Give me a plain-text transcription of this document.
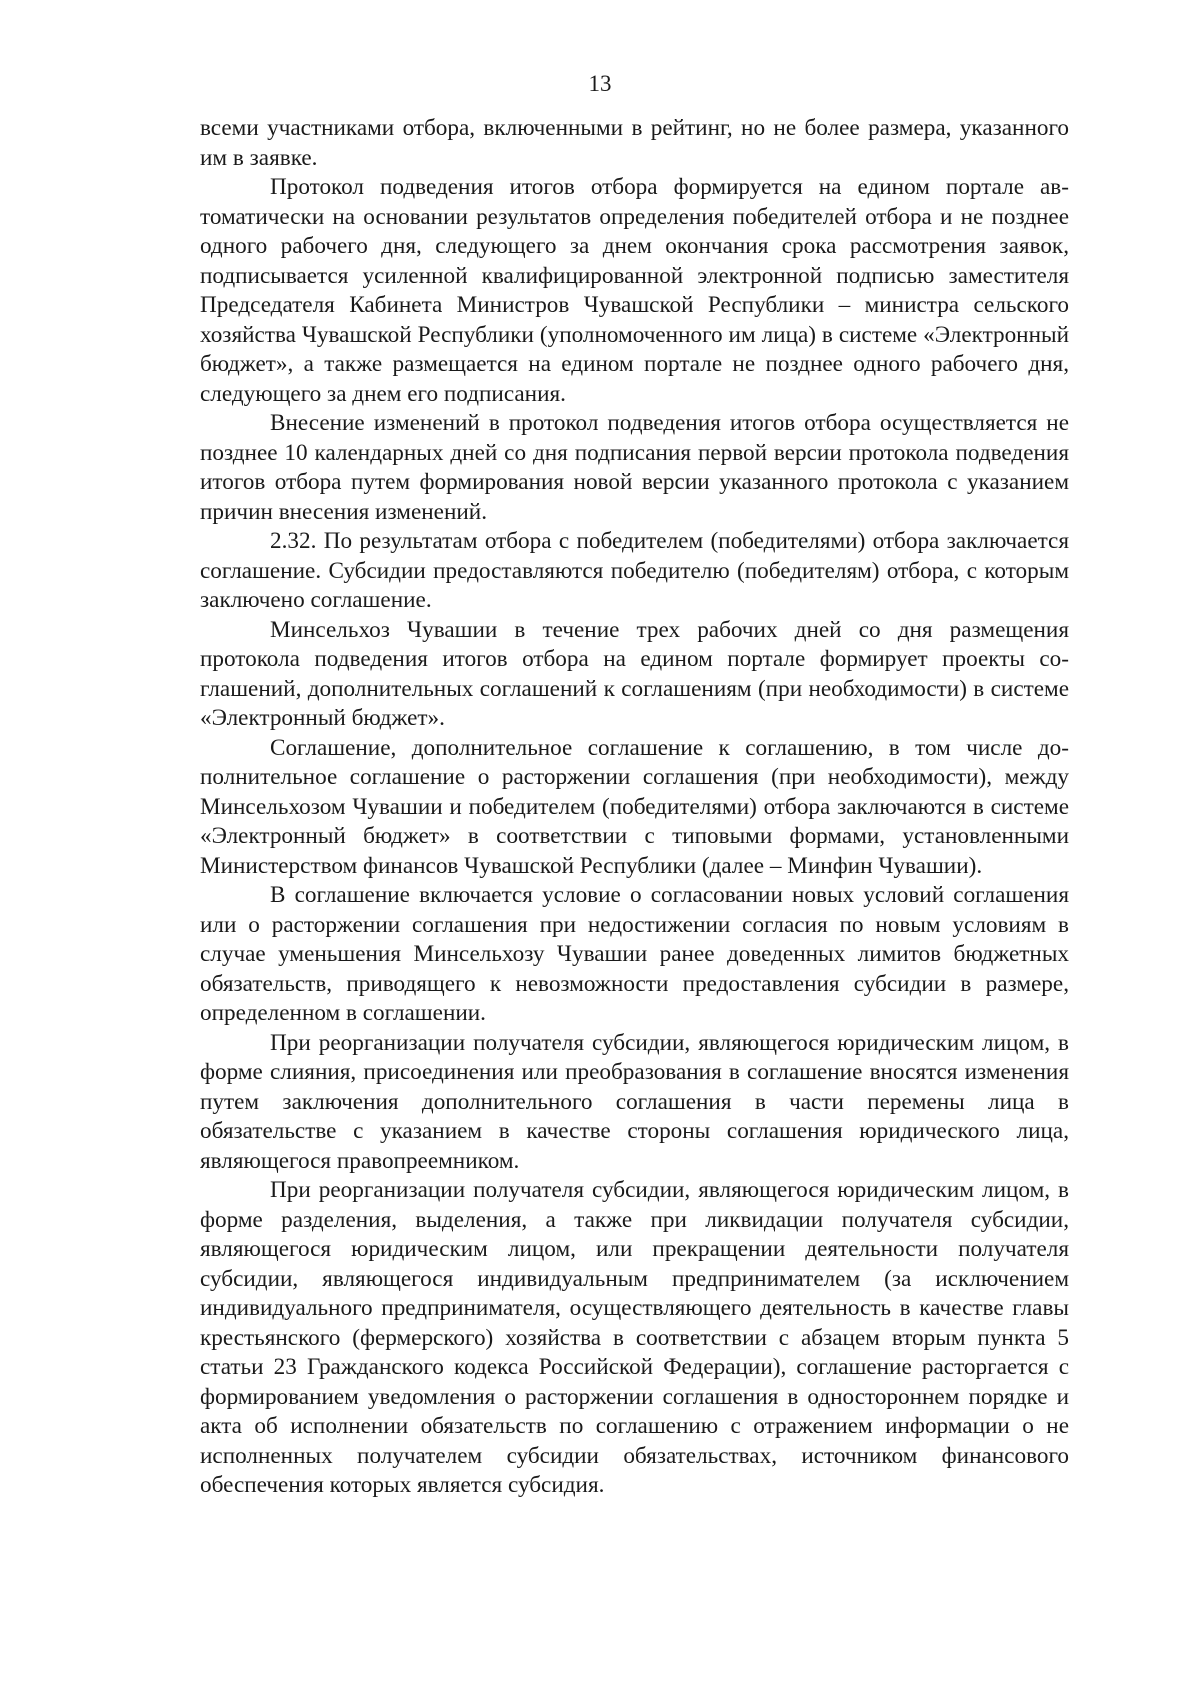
13

всеми участниками отбора, включенными в рейтинг, но не более размера, указанного им в заявке.

Протокол подведения итогов отбора формируется на едином портале автоматически на основании результатов определения победителей отбора и не позднее одного рабочего дня, следующего за днем окончания срока рассмотрения заявок, подписывается усиленной квалифицированной электронной подписью заместителя Председателя Кабинета Министров Чувашской Республики – министра сельского хозяйства Чувашской Республики (уполномоченного им лица) в системе «Электронный бюджет», а также размещается на едином портале не позднее одного рабочего дня, следующего за днем его подписания.

Внесение изменений в протокол подведения итогов отбора осуществляется не позднее 10 календарных дней со дня подписания первой версии протокола подведения итогов отбора путем формирования новой версии указанного протокола с указанием причин внесения изменений.

2.32. По результатам отбора с победителем (победителями) отбора заключается соглашение. Субсидии предоставляются победителю (победителям) отбора, с которым заключено соглашение.

Минсельхоз Чувашии в течение трех рабочих дней со дня размещения протокола подведения итогов отбора на едином портале формирует проекты соглашений, дополнительных соглашений к соглашениям (при необходимости) в системе «Электронный бюджет».

Соглашение, дополнительное соглашение к соглашению, в том числе дополнительное соглашение о расторжении соглашения (при необходимости), между Минсельхозом Чувашии и победителем (победителями) отбора заключаются в системе «Электронный бюджет» в соответствии с типовыми формами, установленными Министерством финансов Чувашской Республики (далее – Минфин Чувашии).

В соглашение включается условие о согласовании новых условий соглашения или о расторжении соглашения при недостижении согласия по новым условиям в случае уменьшения Минсельхозу Чувашии ранее доведенных лимитов бюджетных обязательств, приводящего к невозможности предоставления субсидии в размере, определенном в соглашении.

При реорганизации получателя субсидии, являющегося юридическим лицом, в форме слияния, присоединения или преобразования в соглашение вносятся изменения путем заключения дополнительного соглашения в части перемены лица в обязательстве с указанием в качестве стороны соглашения юридического лица, являющегося правопреемником.

При реорганизации получателя субсидии, являющегося юридическим лицом, в форме разделения, выделения, а также при ликвидации получателя субсидии, являющегося юридическим лицом, или прекращении деятельности получателя субсидии, являющегося индивидуальным предпринимателем (за исключением индивидуального предпринимателя, осуществляющего деятельность в качестве главы крестьянского (фермерского) хозяйства в соответствии с абзацем вторым пункта 5 статьи 23 Гражданского кодекса Российской Федерации), соглашение расторгается с формированием уведомления о расторжении соглашения в одностороннем порядке и акта об исполнении обязательств по соглашению с отражением информации о не исполненных получателем субсидии обязательствах, источником финансового обеспечения которых является субсидия.
